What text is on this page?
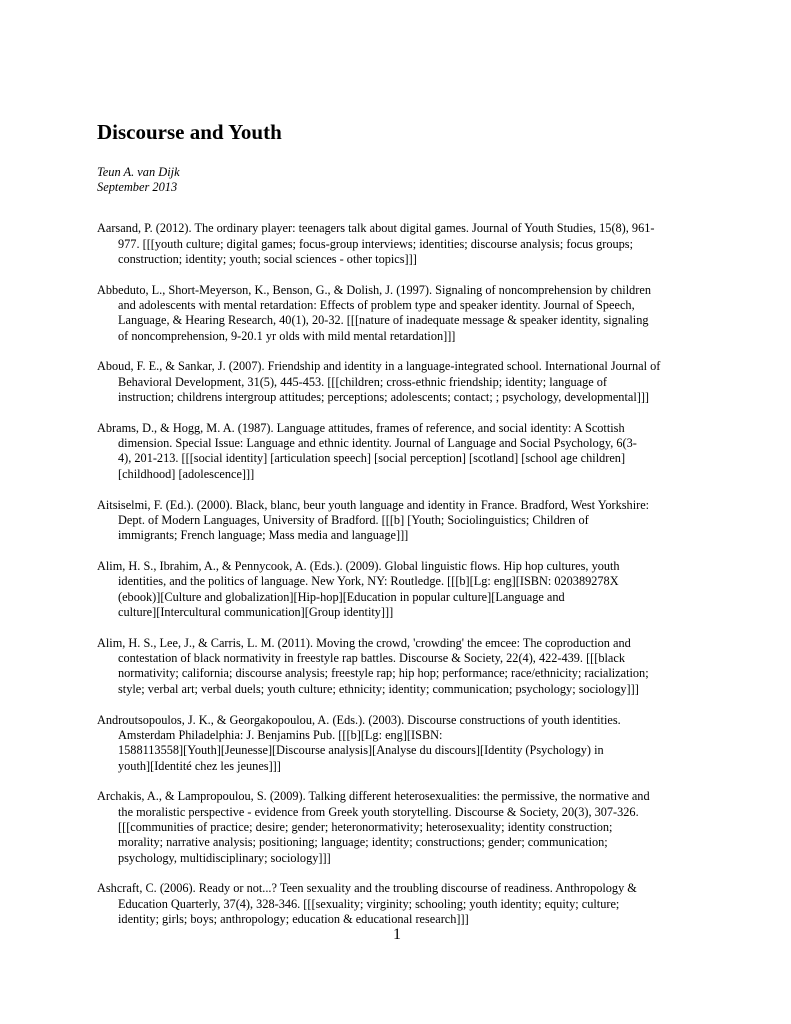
Discourse and Youth
Teun A. van Dijk
September 2013

Aarsand, P. (2012). The ordinary player: teenagers talk about digital games. Journal of Youth Studies, 15(8), 961-
977. [[[youth culture; digital games; focus-group interviews; identities; discourse analysis; focus groups;
construction; identity; youth; social sciences - other topics]]]

Abbeduto, L., Short-Meyerson, K., Benson, G., & Dolish, J. (1997). Signaling of noncomprehension by children
and adolescents with mental retardation: Effects of problem type and speaker identity. Journal of Speech,
Language, & Hearing Research, 40(1), 20-32. [[[nature of inadequate message & speaker identity, signaling
of noncomprehension, 9-20.1 yr olds with mild mental retardation]]]

Aboud, F. E., & Sankar, J. (2007). Friendship and identity in a language-integrated school. International Journal of
Behavioral Development, 31(5), 445-453. [[[children; cross-ethnic friendship; identity; language of
instruction; childrens intergroup attitudes; perceptions; adolescents; contact; ; psychology, developmental]]]

Abrams, D., & Hogg, M. A. (1987). Language attitudes, frames of reference, and social identity: A Scottish
dimension. Special Issue: Language and ethnic identity. Journal of Language and Social Psychology, 6(3-
4), 201-213. [[[social identity] [articulation speech] [social perception] [scotland] [school age children]
[childhood] [adolescence]]]

Aitsiselmi, F. (Ed.). (2000). Black, blanc, beur youth language and identity in France. Bradford, West Yorkshire:
Dept. of Modern Languages, University of Bradford. [[[b] [Youth; Sociolinguistics; Children of
immigrants; French language; Mass media and language]]]

Alim, H. S., Ibrahim, A., & Pennycook, A. (Eds.). (2009). Global linguistic flows. Hip hop cultures, youth
identities, and the politics of language. New York, NY: Routledge. [[[b][Lg: eng][ISBN: 020389278X
(ebook)][Culture and globalization][Hip-hop][Education in popular culture][Language and
culture][Intercultural communication][Group identity]]]

Alim, H. S., Lee, J., & Carris, L. M. (2011). Moving the crowd, 'crowding' the emcee: The coproduction and
contestation of black normativity in freestyle rap battles. Discourse & Society, 22(4), 422-439. [[[black
normativity; california; discourse analysis; freestyle rap; hip hop; performance; race/ethnicity; racialization;
style; verbal art; verbal duels; youth culture; ethnicity; identity; communication; psychology; sociology]]]

Androutsopoulos, J. K., & Georgakopoulou, A. (Eds.). (2003). Discourse constructions of youth identities.
Amsterdam Philadelphia: J. Benjamins Pub. [[[b][Lg: eng][ISBN:
1588113558][Youth][Jeunesse][Discourse analysis][Analyse du discours][Identity (Psychology) in
youth][Identité chez les jeunes]]]

Archakis, A., & Lampropoulou, S. (2009). Talking different heterosexualities: the permissive, the normative and
the moralistic perspective - evidence from Greek youth storytelling. Discourse & Society, 20(3), 307-326.
[[[communities of practice; desire; gender; heteronormativity; heterosexuality; identity construction;
morality; narrative analysis; positioning; language; identity; constructions; gender; communication;
psychology, multidisciplinary; sociology]]]

Ashcraft, C. (2006). Ready or not...? Teen sexuality and the troubling discourse of readiness. Anthropology &
Education Quarterly, 37(4), 328-346. [[[sexuality; virginity; schooling; youth identity; equity; culture;
identity; girls; boys; anthropology; education & educational research]]]

1
